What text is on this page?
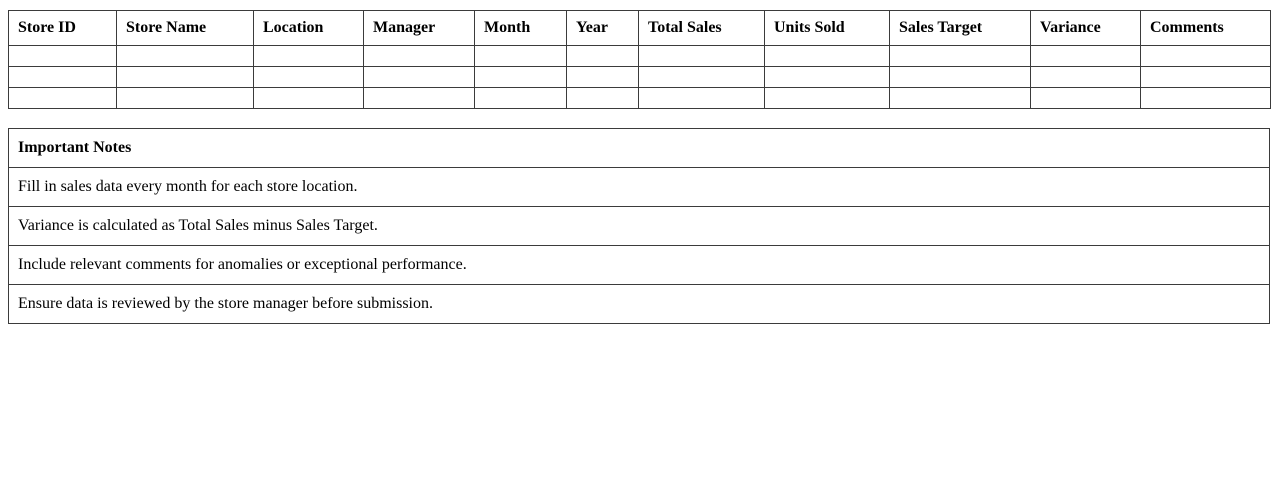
Store ID	Store Name	Location	Manager	Month	Year	Total Sales	Units Sold	Sales Target	Variance	Comments

Important Notes
Fill in sales data every month for each store location.
Variance is calculated as Total Sales minus Sales Target.
Include relevant comments for anomalies or exceptional performance.
Ensure data is reviewed by the store manager before submission.
